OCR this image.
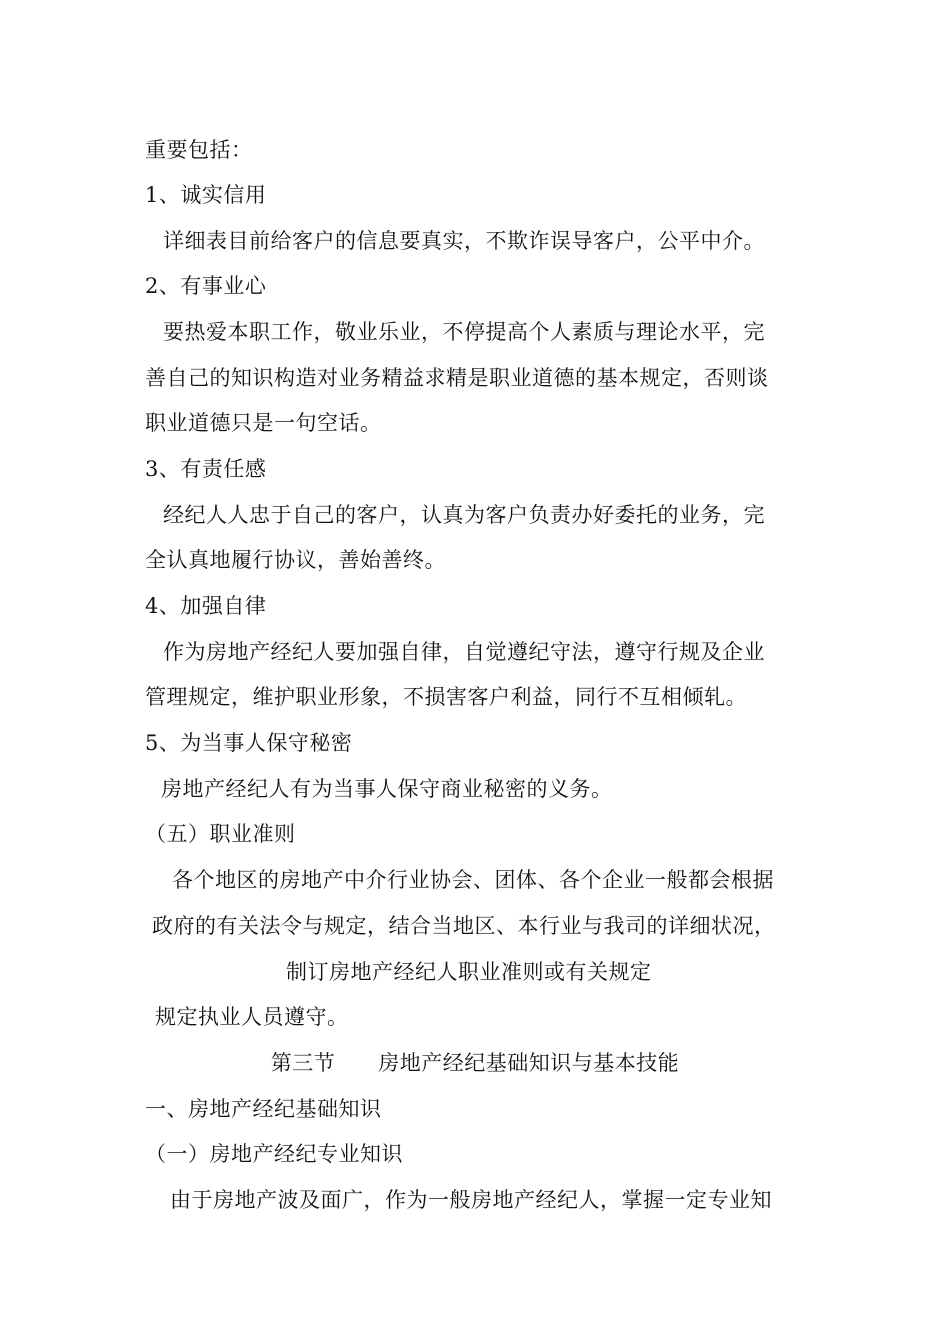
重要包括：
1、诚实信用
详细表目前给客户的信息要真实，不欺诈误导客户，公平中介。
2、有事业心
要热爱本职工作，敬业乐业，不停提高个人素质与理论水平，完
善自己的知识构造对业务精益求精是职业道德的基本规定，否则谈
职业道德只是一句空话。
3、有责任感
经纪人人忠于自己的客户，认真为客户负责办好委托的业务，完
全认真地履行协议，善始善终。
4、加强自律
作为房地产经纪人要加强自律，自觉遵纪守法，遵守行规及企业
管理规定，维护职业形象，不损害客户利益，同行不互相倾轧。
5、为当事人保守秘密
房地产经纪人有为当事人保守商业秘密的义务。
（五）职业准则
各个地区的房地产中介行业协会、团体、各个企业一般都会根据
政府的有关法令与规定，结合当地区、本行业与我司的详细状况，
制订房地产经纪人职业准则或有关规定
规定执业人员遵守。
第三节　　房地产经纪基础知识与基本技能
一、房地产经纪基础知识
（一）房地产经纪专业知识
由于房地产波及面广，作为一般房地产经纪人，掌握一定专业知
